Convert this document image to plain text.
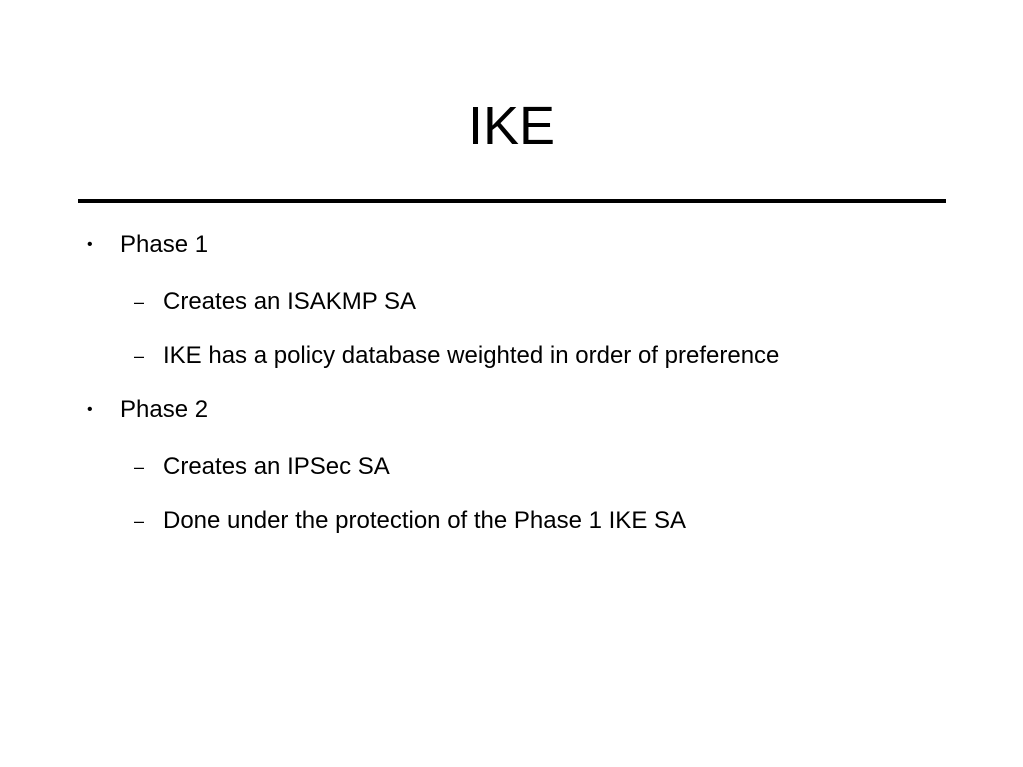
IKE
• Phase 1
– Creates an ISAKMP SA
– IKE has a policy database weighted in order of preference
• Phase 2
– Creates an IPSec SA
– Done under the protection of the Phase 1 IKE SA
